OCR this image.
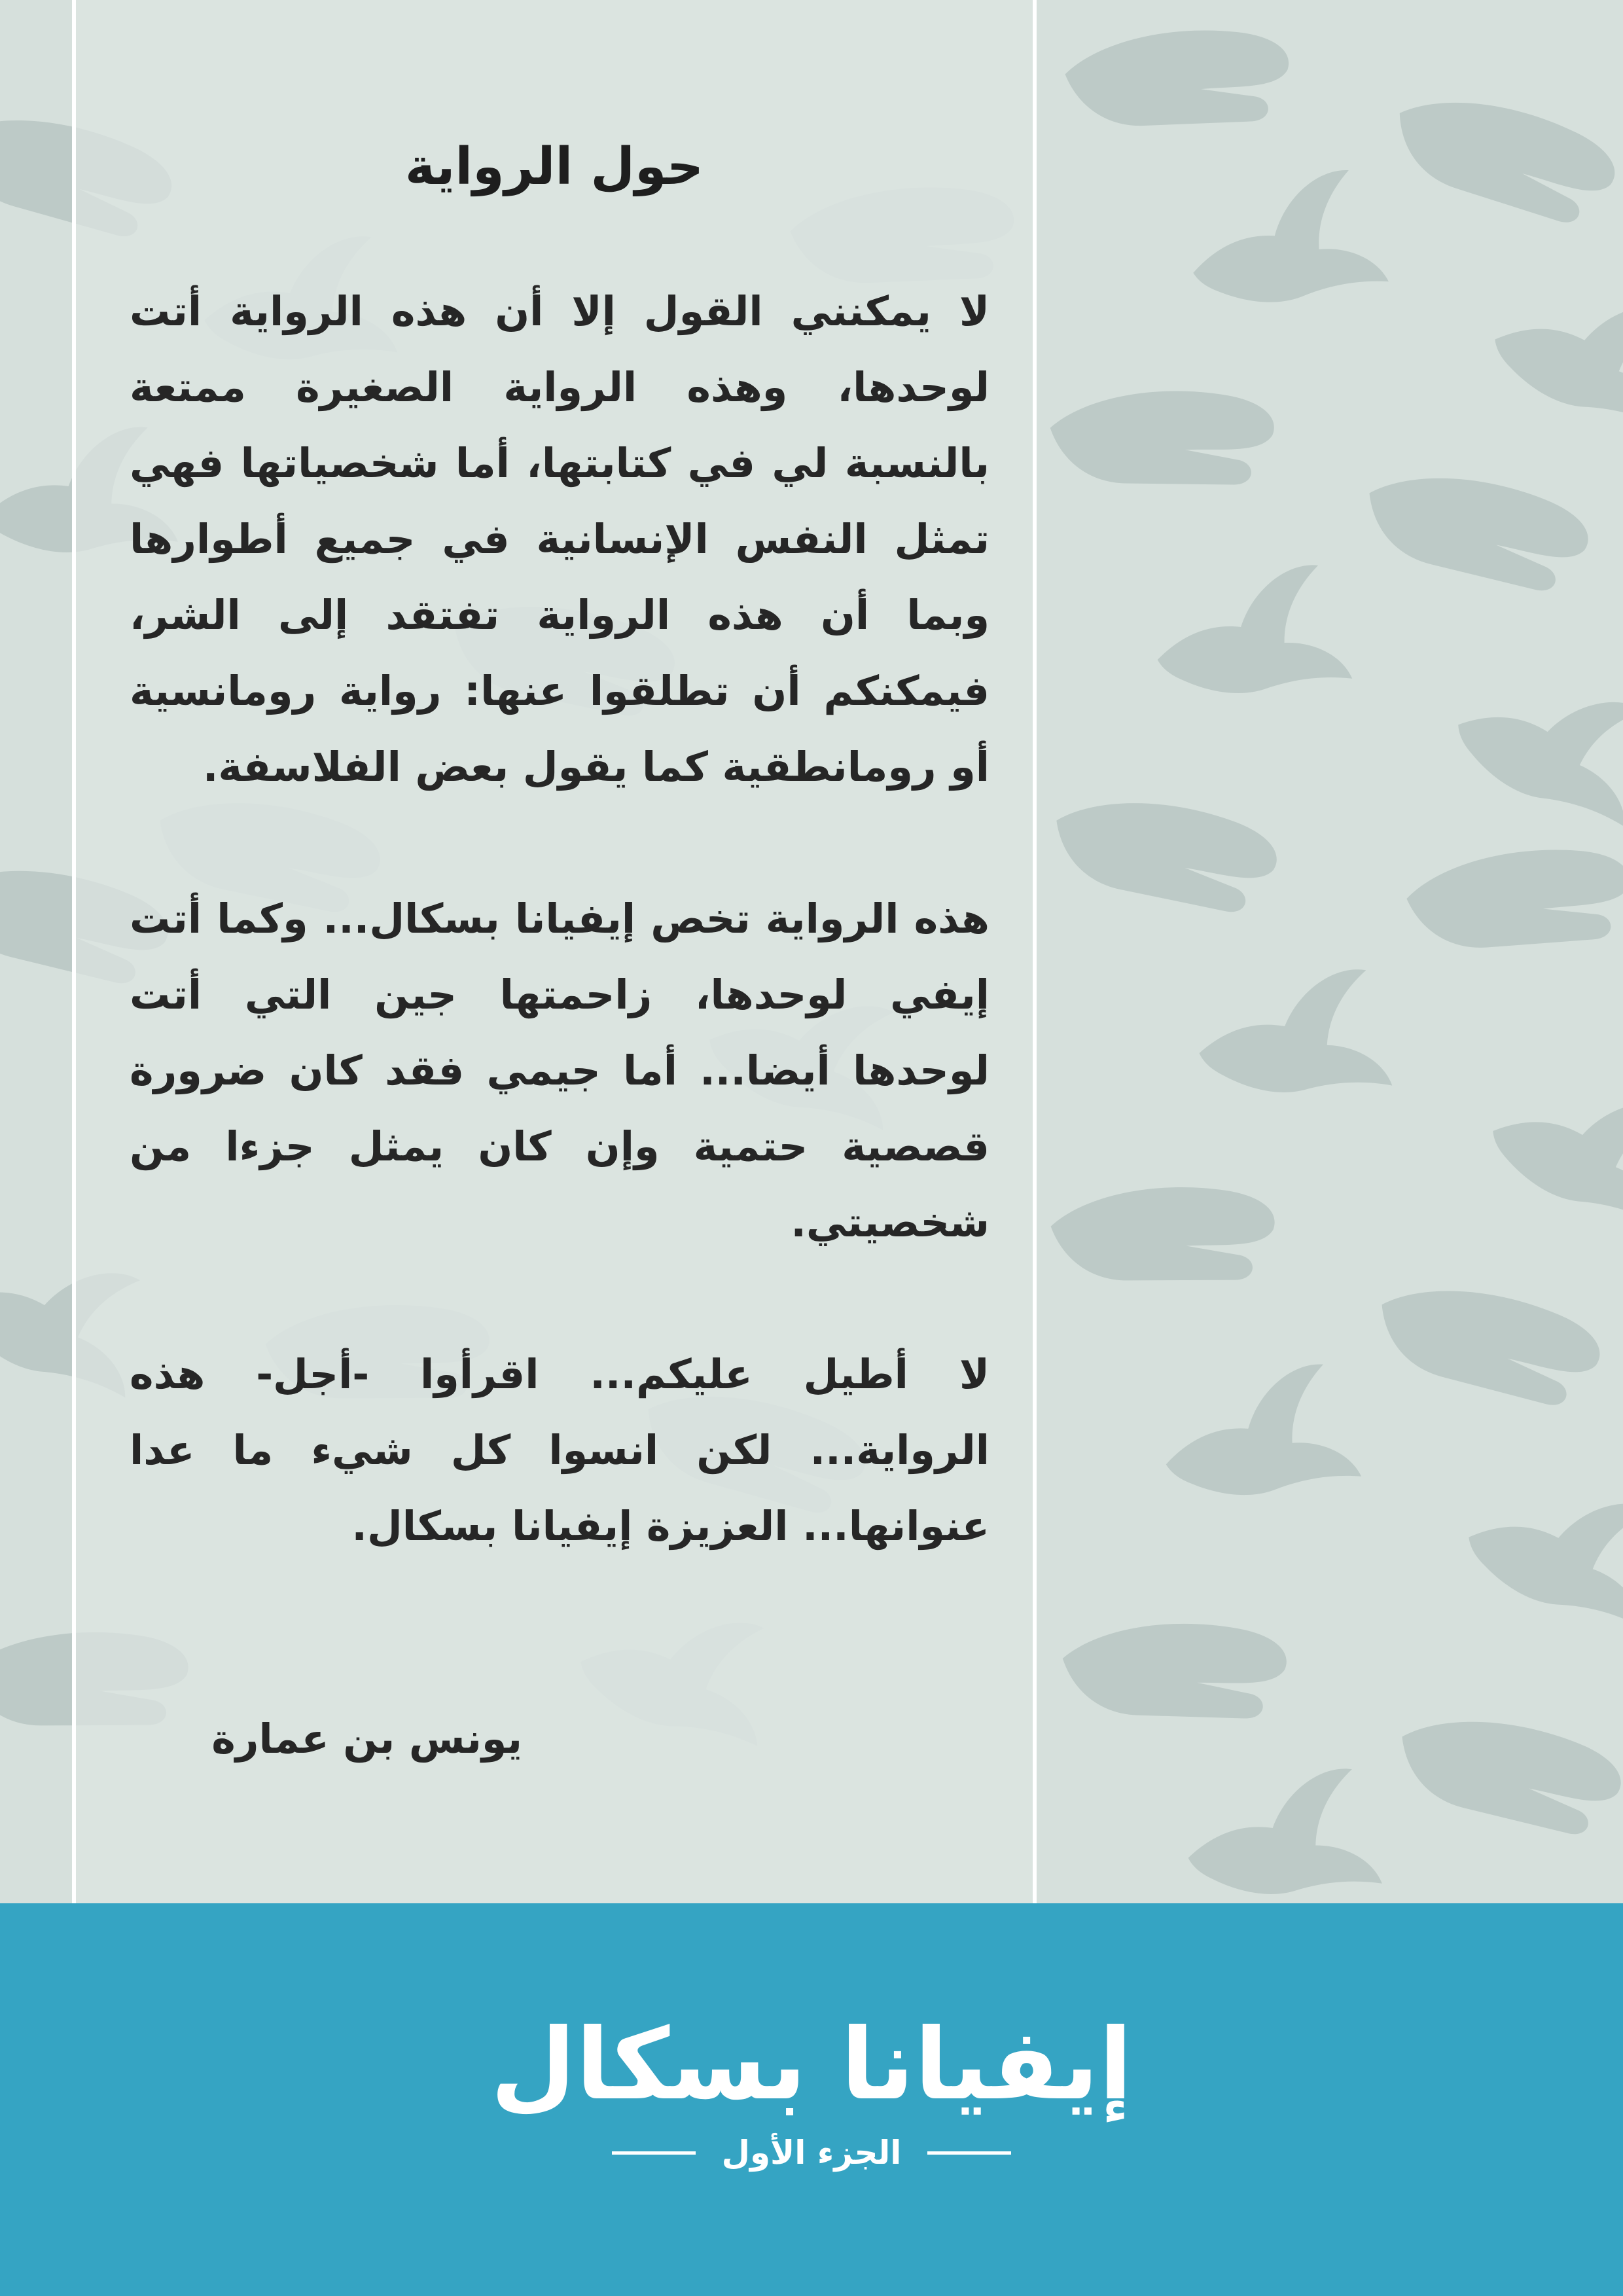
حول الرواية

لا يمكنني القول إلا أن هذه الرواية أتت لوحدها، وهذه الرواية الصغيرة ممتعة بالنسبة لي في كتابتها، أما شخصياتها فهي تمثل النفس الإنسانية في جميع أطوارها وبما أن هذه الرواية تفتقد إلى الشر، فيمكنكم أن تطلقوا عنها: رواية رومانسية أو رومانطقية كما يقول بعض الفلاسفة.

هذه الرواية تخص إيفيانا بسكال... وكما أتت إيفي لوحدها، زاحمتها جين التي أتت لوحدها أيضا... أما جيمي فقد كان ضرورة قصصية حتمية وإن كان يمثل جزءا من شخصيتي.

لا أطيل عليكم... اقرأوا -أجل- هذه الرواية... لكن انسوا كل شيء ما عدا عنوانها... العزيزة إيفيانا بسكال.

يونس بن عمارة
إيفيانا بسكال
الجزء الأول
